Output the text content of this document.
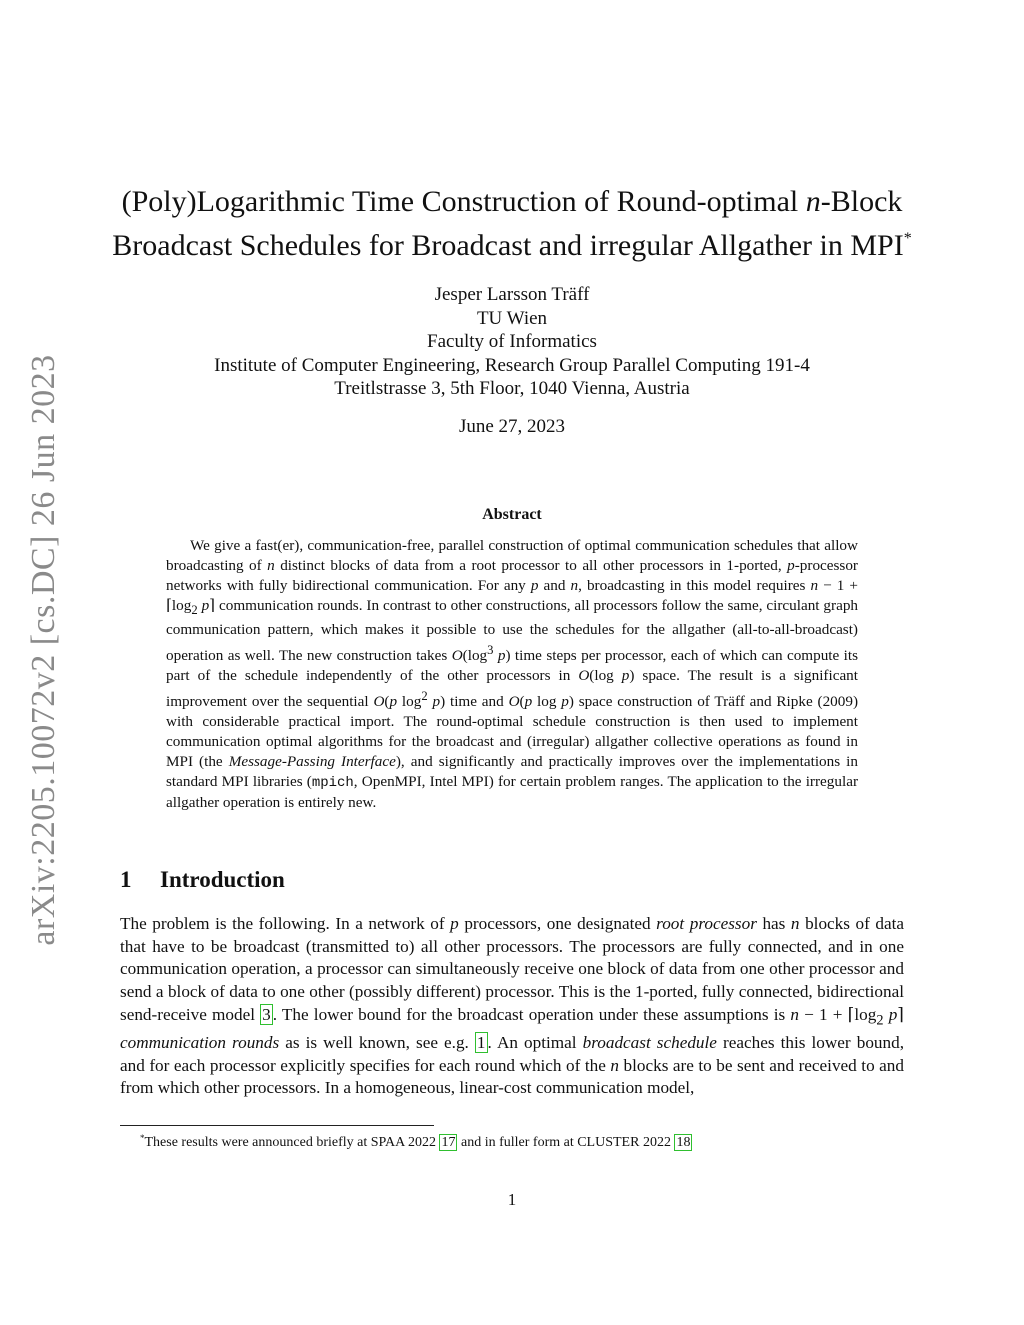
arXiv:2205.10072v2 [cs.DC] 26 Jun 2023
(Poly)Logarithmic Time Construction of Round-optimal n-Block
Broadcast Schedules for Broadcast and irregular Allgather in MPI*
Jesper Larsson Träff
TU Wien
Faculty of Informatics
Institute of Computer Engineering, Research Group Parallel Computing 191-4
Treitlstrasse 3, 5th Floor, 1040 Vienna, Austria
June 27, 2023
Abstract

We give a fast(er), communication-free, parallel construction of optimal communication schedules that allow broadcasting of n distinct blocks of data from a root processor to all other processors in 1-ported, p-processor networks with fully bidirectional communication. For any p and n, broadcasting in this model requires $n - 1 + ⌈\log_2$ p⌉ communication rounds. In contrast to other constructions, all processors follow the same, circulant graph communication pattern, which makes it possible to use the schedules for the allgather (all-to-all-broadcast) operation as well. The new construction takes $O(\log^3$ p) time steps per processor, each of which can compute its part of the schedule independently of the other processors in O(log p) space. The result is a significant improvement over the sequential O(p $\log^2 p$) time and O(p log p) space construction of Träff and Ripke (2009) with considerable practical import. The round-optimal schedule construction is then used to implement communication optimal algorithms for the broadcast and (irregular) allgather collective operations as found in MPI (the Message-Passing Interface), and significantly and practically improves over the implementations in standard MPI libraries (mpich, OpenMPI, Intel MPI) for certain problem ranges. The application to the irregular allgather operation is entirely new.

1 Introduction

The problem is the following. In a network of p processors, one designated root processor has n blocks of data that have to be broadcast (transmitted to) all other processors. The processors are fully connected, and in one communication operation, a processor can simultaneously receive one block of data from one other processor and send a block of data to one other (possibly different) processor. This is the 1-ported, fully connected, bidirectional send-receive model 3 . The lower bound for the broadcast operation under these assumptions is $n - 1 + ⌈\log_2$ p⌉ communication rounds as is well known, see e.g. 1 . An optimal broadcast schedule reaches this lower bound, and for each processor explicitly specifies for each round which of the n blocks are to be sent and received to and from which other processors. In a homogeneous, linear-cost communication model,

*These results were announced briefly at SPAA 2022 17 and in fuller form at CLUSTER 2022 18
1
